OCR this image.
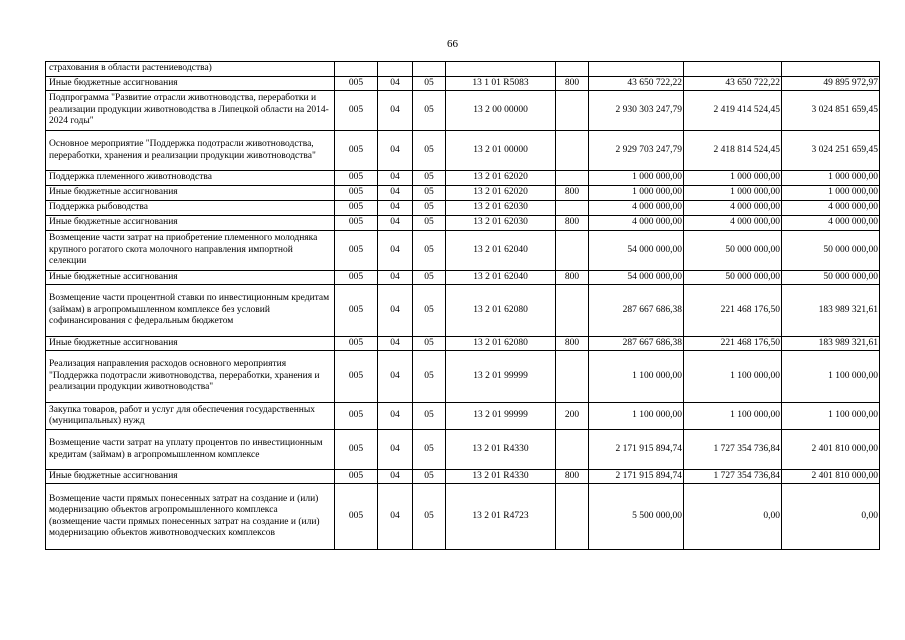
66
страхования в области растениеводства)								
Иные бюджетные ассигнования	005	04	05	13 1 01 R5083	800	43 650 722,22	43 650 722,22	49 895 972,97
Подпрограмма "Развитие отрасли животноводства, переработки и реализации продукции животноводства в Липецкой области на 2014-2024 годы"	005	04	05	13 2 00 00000		2 930 303 247,79	2 419 414 524,45	3 024 851 659,45
Основное мероприятие "Поддержка подотрасли животноводства, переработки, хранения и реализации продукции животноводства"	005	04	05	13 2 01 00000		2 929 703 247,79	2 418 814 524,45	3 024 251 659,45
Поддержка племенного животноводства	005	04	05	13 2 01 62020		1 000 000,00	1 000 000,00	1 000 000,00
Иные бюджетные ассигнования	005	04	05	13 2 01 62020	800	1 000 000,00	1 000 000,00	1 000 000,00
Поддержка рыбоводства	005	04	05	13 2 01 62030		4 000 000,00	4 000 000,00	4 000 000,00
Иные бюджетные ассигнования	005	04	05	13 2 01 62030	800	4 000 000,00	4 000 000,00	4 000 000,00
Возмещение части затрат на приобретение племенного молодняка крупного рогатого скота молочного направления импортной селекции	005	04	05	13 2 01 62040		54 000 000,00	50 000 000,00	50 000 000,00
Иные бюджетные ассигнования	005	04	05	13 2 01 62040	800	54 000 000,00	50 000 000,00	50 000 000,00
Возмещение части процентной ставки по инвестиционным кредитам (займам) в агропромышленном комплексе без условий софинансирования с федеральным бюджетом	005	04	05	13 2 01 62080		287 667 686,38	221 468 176,50	183 989 321,61
Иные бюджетные ассигнования	005	04	05	13 2 01 62080	800	287 667 686,38	221 468 176,50	183 989 321,61
Реализация направления расходов основного мероприятия "Поддержка подотрасли животноводства, переработки, хранения и реализации продукции животноводства"	005	04	05	13 2 01 99999		1 100 000,00	1 100 000,00	1 100 000,00
Закупка товаров, работ и услуг для обеспечения государственных (муниципальных) нужд	005	04	05	13 2 01 99999	200	1 100 000,00	1 100 000,00	1 100 000,00
Возмещение части затрат на уплату процентов по инвестиционным кредитам (займам) в агропромышленном комплексе	005	04	05	13 2 01 R4330		2 171 915 894,74	1 727 354 736,84	2 401 810 000,00
Иные бюджетные ассигнования	005	04	05	13 2 01 R4330	800	2 171 915 894,74	1 727 354 736,84	2 401 810 000,00
Возмещение части прямых понесенных затрат на создание и (или) модернизацию объектов агропромышленного комплекса (возмещение части прямых понесенных затрат на создание и (или) модернизацию объектов животноводческих комплексов	005	04	05	13 2 01 R4723		5 500 000,00	0,00	0,00
